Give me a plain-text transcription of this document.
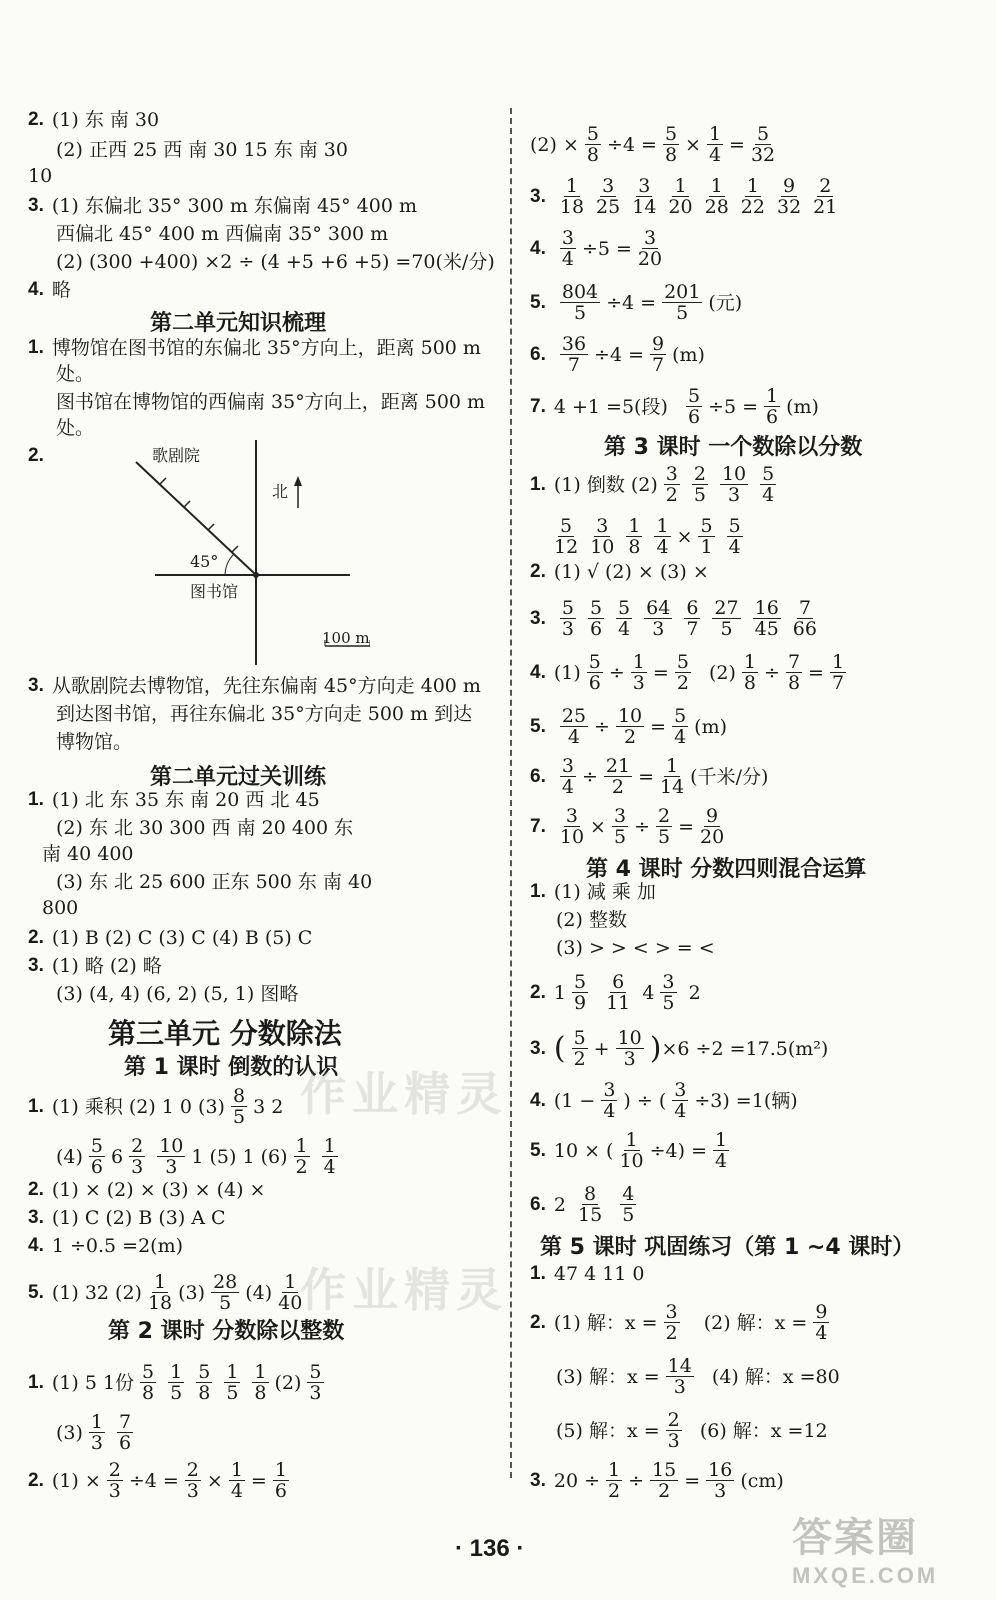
2. (1) 东 南 30
(2) 正西 25 西 南 30 15 东 南 30
10
3. (1) 东偏北 35° 300 m 东偏南 45° 400 m
西偏北 45° 400 m 西偏南 35° 300 m
(2) (300 +400) ×2 ÷ (4 +5 +6 +5) =70(米/分)
4. 略
第二单元知识梳理
1. 博物馆在图书馆的东偏北 35°方向上，距离 500 m
处。
图书馆在博物馆的西偏南 35°方向上，距离 500 m
处。
2.	歌剧院
北
45°
图书馆
100 m
3. 从歌剧院去博物馆，先往东偏南 45°方向走 400 m
到达图书馆，再往东偏北 35°方向走 500 m 到达
博物馆。
第二单元过关训练
1. (1) 北 东 35 东 南 20 西 北 45
(2) 东 北 30 300 西 南 20 400 东
南 40 400
(3) 东 北 25 600 正东 500 东 南 40
800
2. (1) B (2) C (3) C (4) B (5) C
3. (1) 略 (2) 略
(3) (4, 4) (6, 2) (5, 1) 图略
第三单元 分数除法
第 1 课时 倒数的认识
1. (1) 乘积 (2) 1 0 (3) 8
5 3 2
(4) 5
6 6 2
3
10
3 1 (5) 1 (6) 1
2
1
4
2. (1) × (2) × (3) × (4) ×
3. (1) C (2) B (3) A C
4. 1 ÷0.5 =2(m)
5. (1) 32 (2) 1
18 (3) 28
5 (4) 1
40
第 2 课时 分数除以整数
1. (1) 5 1份 5
8
1
5
5
8
1
5
1
8 (2) 5
3
(3) 1
3
7
6
2. $(1) \times \frac{2}{3} \div 4 = \frac{2}{3} \times \frac{1}{4} = \frac{1}{6}$
$(2) \times \frac{5}{8} \div 4 = \frac{5}{8} \times \frac{1}{4} = \frac{5}{32}$
3. 1
18
3
25
3
14
1
20
1
28
1
22
9
32
2
21
4. $\frac{3}{4} \div 5 = \frac{3}{20}$
5. $\frac{804}{5} \div 4 = \frac{201}{5}$ (元)
6. $\frac{36}{7} \div 4 = \frac{9}{7} (m)$
7. 4 +1 =5(段)
$\frac{5}{6} \div 5 = \frac{1}{6} (m)$
第 3 课时 一个数除以分数
1. (1) 倒数 (2) 3
2
2
5
10
3
5
4
5
12
3
10
1
$8 \frac{1}{4} \times \frac{5}{1} 5$
4
2. (1) √ (2) × (3) ×
3. 5
3
5
6
5
4
64
3
6
7
27
5
16
45
7
66
4. $(1) \frac{5}{6} \div \frac{1}{3} = \frac{5}{2}$
$(2) \frac{1}{8} \div \frac{7}{8} = \frac{1}{7}$
5. $\frac{25}{4} \div \frac{10}{2} = \frac{5}{4} (m)$
6. $\frac{3}{4} \div \frac{21}{2} = \frac{1}{14}$ (千米/分)
7. $\frac{3}{10} \times \frac{3}{5} \div \frac{2}{5} = \frac{9}{20}$
第 4 课时 分数四则混合运算
1. (1) 减 乘 加
(2) 整数
(3) > > < > = <
2. 1 5
9

6
11
4 3
5
2
3. ( 5
$2 + \frac{10}{3}$ ) ×6 ÷2 =17.5(m²)
4. ($1 - \frac{3}{4}$ ) ÷ ( $\frac{3}{4} \div 3) =1$(辆)
5. 10 × ( $\frac{1}{10} \div 4) = \frac{1}{4}$
6. 2
8
15

4
5
第 5 课时 巩固练习（第 1 ~4 课时）
1. 47 4 11 0
2. (1) 解：$x = \frac{3}{2}$
(2) 解：$x = \frac{9}{4}$
(3) 解：$x = \frac{14}{3}$
(4) 解：x =80
(5) 解：$x = \frac{2}{3}$
(6) 解：x =12
3. $20 \div \frac{1}{2} \div \frac{15}{2} = \frac{16}{3} (cm)$
作业精灵
作业精灵
· 136 ·	答案圈
MXQE.COM
